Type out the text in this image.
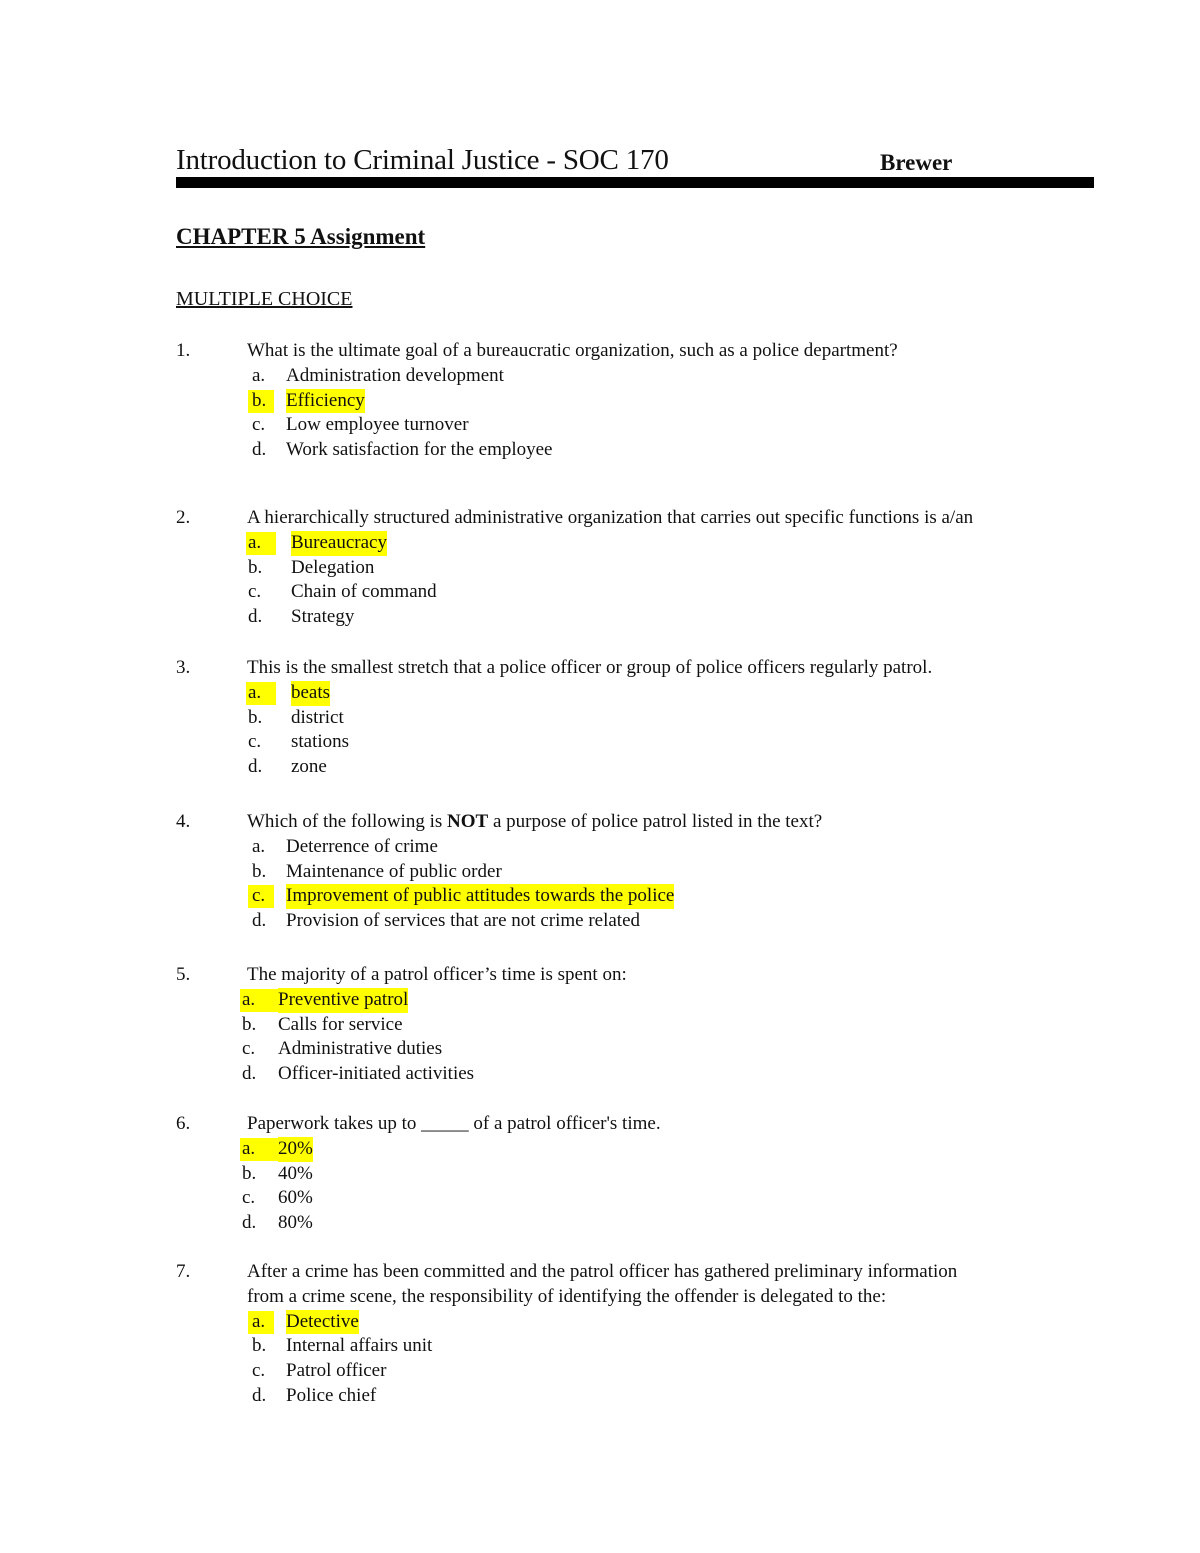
Introduction to Criminal Justice - SOC 170	Brewer
CHAPTER 5 Assignment
MULTIPLE CHOICE
1.	What is the ultimate goal of a bureaucratic organization, such as a police department?
a. Administration development
b. Efficiency
c. Low employee turnover
d. Work satisfaction for the employee
2.	A hierarchically structured administrative organization that carries out specific functions is a/an
a. Bureaucracy
b. Delegation
c. Chain of command
d. Strategy
3.	This is the smallest stretch that a police officer or group of police officers regularly patrol.
a. beats
b. district
c. stations
d. zone
4.	Which of the following is NOT a purpose of police patrol listed in the text?
a. Deterrence of crime
b. Maintenance of public order
c. Improvement of public attitudes towards the police
d. Provision of services that are not crime related
5.	The majority of a patrol officer’s time is spent on:
a. Preventive patrol
b. Calls for service
c. Administrative duties
d. Officer-initiated activities
6.	Paperwork takes up to _____ of a patrol officer's time.
a. 20%
b. 40%
c. 60%
d. 80%
7.	After a crime has been committed and the patrol officer has gathered preliminary information
from a crime scene, the responsibility of identifying the offender is delegated to the:
a. Detective
b. Internal affairs unit
c. Patrol officer
d. Police chief
